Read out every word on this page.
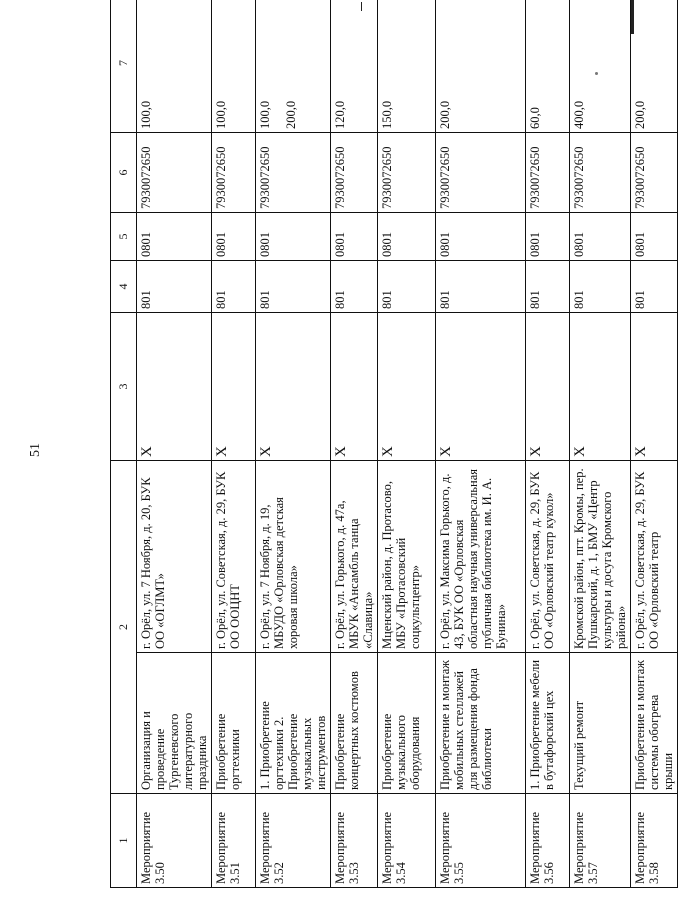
51
1	2		3	4	5	6	7
Мероприятие 3.50	Организация и проведение Тургеневского литературного праздника	г. Орёл, ул. 7 Ноября, д. 20, БУК ОО «ОГЛМТ»	X	801	0801	7930072650	100,0

Мероприятие 3.51	Приобретение оргтехники	г. Орёл, ул. Советская, д. 29, БУК ОО ООЦНТ	X	801	0801	7930072650	100,0

Мероприятие 3.52	1. Приобретение оргтехники 2. Приобретение музыкальных инструментов	г. Орёл, ул. 7 Ноября, д. 19, МБУДО «Орловская детская хоровая школа»	X	801	0801	7930072650	100,0 200,0

Мероприятие 3.53	Приобретение концертных костюмов	г. Орёл, ул. Горького, д. 47а, МБУК «Ансамбль танца «Славица»	X	801	0801	7930072650	120,0

Мероприятие 3.54	Приобретение музыкального оборудования	Мценский район, д. Протасово, МБУ «Протасовский соцкультцентр»	X	801	0801	7930072650	150,0

Мероприятие 3.55	Приобретение и монтаж мобильных стеллажей для размещения фонда библиотеки	г. Орёл, ул. Максима Горького, д. 43, БУК ОО «Орловская областная научная универсальная публичная библиотека им. И. А. Бунина»	X	801	0801	7930072650	200,0

Мероприятие 3.56	1. Приобретение мебели в бутафорский цех	г. Орёл, ул. Советская, д. 29, БУК ОО «Орловский театр кукол»	X	801	0801	7930072650	60,0

Мероприятие 3.57	Текущий ремонт	Кромской район, пгт. Кромы, пер. Пушкарский, д. 1, БМУ «Центр культуры и досуга Кромского района»	X	801	0801	7930072650	400,0

Мероприятие 3.58	Приобретение и монтаж системы обогрева крыши	г. Орёл, ул. Советская, д. 29, БУК ОО «Орловский театр	X	801	0801	7930072650	200,0
